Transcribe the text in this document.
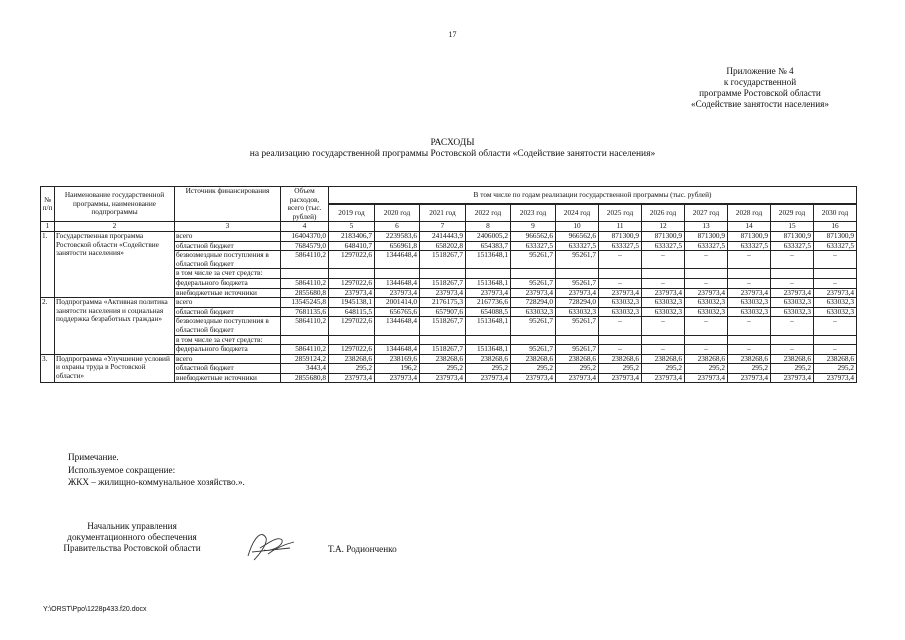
17
Приложение № 4
к государственной
программе Ростовской области
«Содействие занятости населения»
РАСХОДЫ
на реализацию государственной программы Ростовской области «Содействие занятости населения»
№ п/п	Наименование государственной программы, наименование подпрограммы	Источник финансирования	Объем расходов, всего (тыс. рублей)	В том числе по годам реализации государственной программы (тыс. рублей)											

				2019 год	2020 год	2021 год	2022 год	2023 год	2024 год	2025 год	2026 год	2027 год	2028 год	2029 год	2030 год
1	2	3	4	5	6	7	8	9	10	11	12	13	14	15	16
1.	Государственная программа Ростовской области «Содействие занятости населения»	всего	16404370,0	2183406,7	2239583,6	2414443,9	2406005,2	966562,6	966562,6	871300,9	871300,9	871300,9	871300,9	871300,9	871300,9
		областной бюджет	7684579,0	648410,7	656961,8	658202,8	654383,7	633327,5	633327,5	633327,5	633327,5	633327,5	633327,5	633327,5	633327,5
		безвозмездные поступления в областной бюджет	5864110,2	1297022,6	1344648,4	1518267,7	1513648,1	95261,7	95261,7	–	–	–	–	–	–
		в том числе за счет средств:													
		федерального бюджета	5864110,2	1297022,6	1344648,4	1518267,7	1513648,1	95261,7	95261,7	–	–	–	–	–	–
		внебюджетные источники	2855680,8	237973,4	237973,4	237973,4	237973,4	237973,4	237973,4	237973,4	237973,4	237973,4	237973,4	237973,4	237973,4
2.	Подпрограмма «Активная политика занятости населения и социальная поддержка безработных граждан»	всего	13545245,8	1945138,1	2001414,0	2176175,3	2167736,6	728294,0	728294,0	633032,3	633032,3	633032,3	633032,3	633032,3	633032,3
		областной бюджет	7681135,6	648115,5	656765,6	657907,6	654088,5	633032,3	633032,3	633032,3	633032,3	633032,3	633032,3	633032,3	633032,3
		безвозмездные поступления в областной бюджет	5864110,2	1297022,6	1344648,4	1518267,7	1513648,1	95261,7	95261,7	–	–	–	–	–	–
		в том числе за счет средств:													
		федерального бюджета	5864110,2	1297022,6	1344648,4	1518267,7	1513648,1	95261,7	95261,7	–	–	–	–	–	–
3.	Подпрограмма «Улучшение условий и охраны труда в Ростовской области»	всего	2859124,2	238268,6	238169,6	238268,6	238268,6	238268,6	238268,6	238268,6	238268,6	238268,6	238268,6	238268,6	238268,6
		областной бюджет	3443,4	295,2	196,2	295,2	295,2	295,2	295,2	295,2	295,2	295,2	295,2	295,2	295,2
		внебюджетные источники	2855680,8	237973,4	237973,4	237973,4	237973,4	237973,4	237973,4	237973,4	237973,4	237973,4	237973,4	237973,4	237973,4
Примечание.
Используемое сокращение:
ЖКХ – жилищно-коммунальное хозяйство.».
Начальник управления
документационного обеспечения
Правительства Ростовской области	Т.А. Родионченко
Y:\ORST\Ppo\1228p433.f20.docx
